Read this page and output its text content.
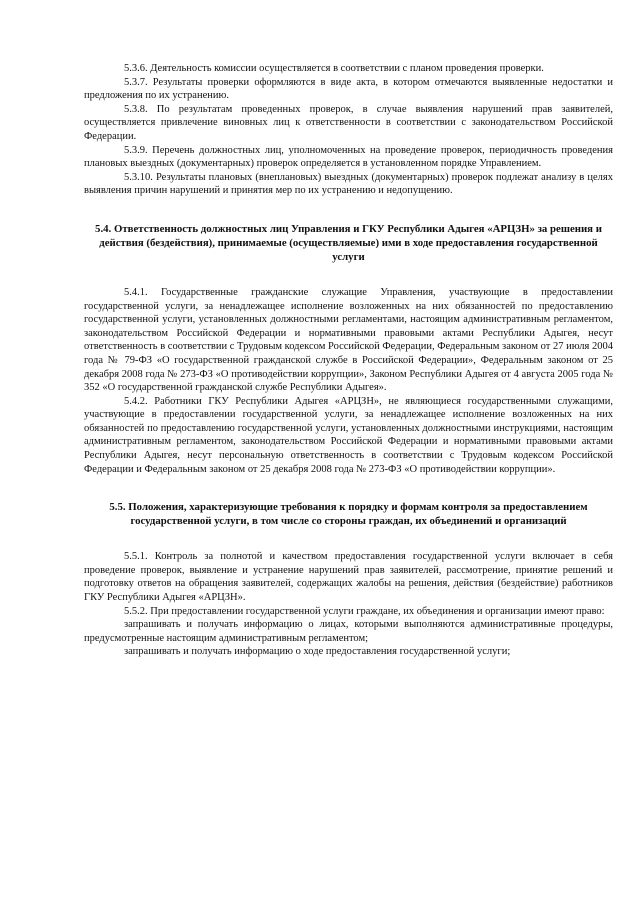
5.3.6. Деятельность комиссии осуществляется в соответствии с планом проведения проверки.

5.3.7. Результаты проверки оформляются в виде акта, в котором отмечаются выявленные недостатки и предложения по их устранению.

5.3.8. По результатам проведенных проверок, в случае выявления нарушений прав заявителей, осуществляется привлечение виновных лиц к ответственности в соответствии с законодательством Российской Федерации.

5.3.9. Перечень должностных лиц, уполномоченных на проведение проверок, периодичность проведения плановых выездных (документарных) проверок определяется в установленном порядке Управлением.

5.3.10. Результаты плановых (внеплановых) выездных (документарных) проверок подлежат анализу в целях выявления причин нарушений и принятия мер по их устранению и недопущению.

5.4. Ответственность должностных лиц Управления и ГКУ Республики Адыгея «АРЦЗН» за решения и действия (бездействия), принимаемые (осуществляемые) ими в ходе предоставления государственной услуги

5.4.1. Государственные гражданские служащие Управления, участвующие в предоставлении государственной услуги, за ненадлежащее исполнение возложенных на них обязанностей по предоставлению государственной услуги, установленных должностными регламентами, настоящим административным регламентом, законодательством Российской Федерации и нормативными правовыми актами Республики Адыгея, несут ответственность в соответствии с Трудовым кодексом Российской Федерации, Федеральным законом от 27 июля 2004 года № 79-ФЗ «О государственной гражданской службе в Российской Федерации», Федеральным законом от 25 декабря 2008 года № 273-ФЗ «О противодействии коррупции», Законом Республики Адыгея от 4 августа 2005 года № 352 «О государственной гражданской службе Республики Адыгея».

5.4.2. Работники ГКУ Республики Адыгея «АРЦЗН», не являющиеся государственными служащими, участвующие в предоставлении государственной услуги, за ненадлежащее исполнение возложенных на них обязанностей по предоставлению государственной услуги, установленных должностными инструкциями, настоящим административным регламентом, законодательством Российской Федерации и нормативными правовыми актами Республики Адыгея, несут персональную ответственность в соответствии с Трудовым кодексом Российской Федерации и Федеральным законом от 25 декабря 2008 года № 273-ФЗ «О противодействии коррупции».

5.5. Положения, характеризующие требования к порядку и формам контроля за предоставлением государственной услуги, в том числе со стороны граждан, их объединений и организаций

5.5.1. Контроль за полнотой и качеством предоставления государственной услуги включает в себя проведение проверок, выявление и устранение нарушений прав заявителей, рассмотрение, принятие решений и подготовку ответов на обращения заявителей, содержащих жалобы на решения, действия (бездействие) работников ГКУ Республики Адыгея «АРЦЗН».

5.5.2. При предоставлении государственной услуги граждане, их объединения и организации имеют право:

запрашивать и получать информацию о лицах, которыми выполняются административные процедуры, предусмотренные настоящим административным регламентом;

запрашивать и получать информацию о ходе предоставления государственной услуги;
